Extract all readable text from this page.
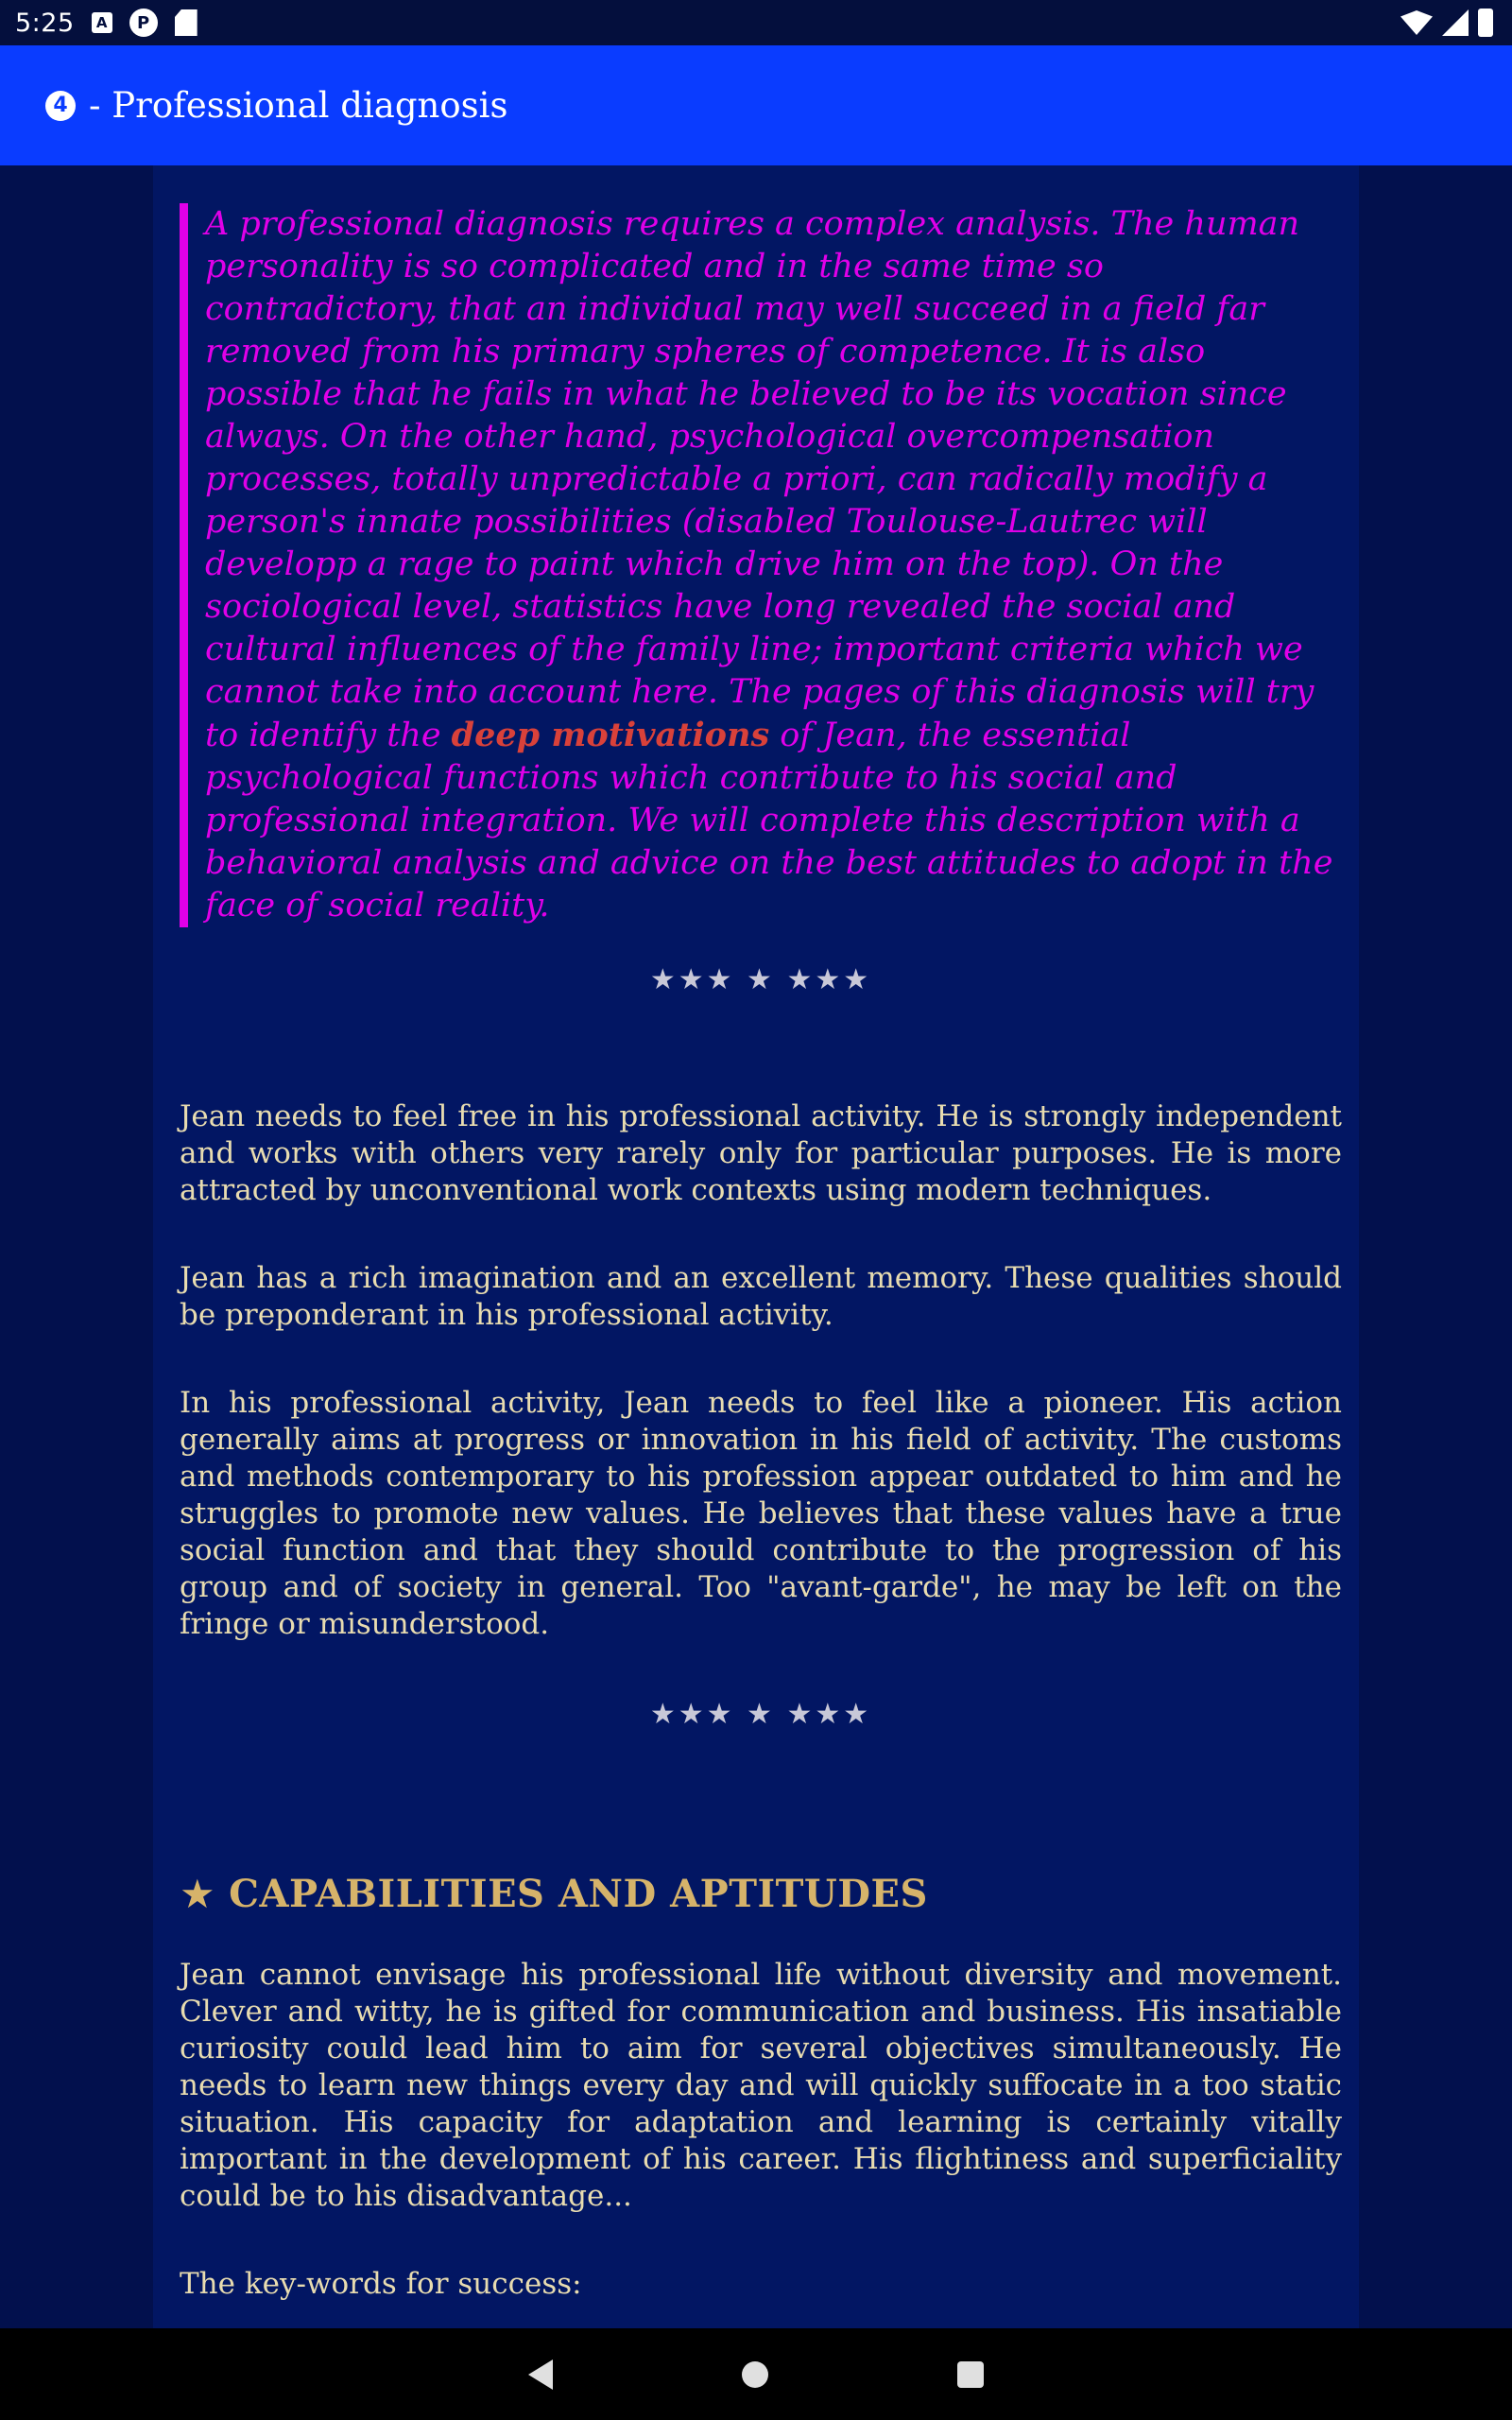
5:25	A	P
4 - Professional diagnosis
A professional diagnosis requires a complex analysis. The human personality is so complicated and in the same time so contradictory, that an individual may well succeed in a field far removed from his primary spheres of competence. It is also possible that he fails in what he believed to be its vocation since always. On the other hand, psychological overcompensation processes, totally unpredictable a priori, can radically modify a person's innate possibilities (disabled Toulouse-Lautrec will developp a rage to paint which drive him on the top). On the sociological level, statistics have long revealed the social and cultural influences of the family line; important criteria which we cannot take into account here. The pages of this diagnosis will try to identify the deep motivations of Jean, the essential psychological functions which contribute to his social and professional integration. We will complete this description with a behavioral analysis and advice on the best attitudes to adopt in the face of social reality.
★★★ ★ ★★★

Jean needs to feel free in his professional activity. He is strongly independent and works with others very rarely only for particular purposes. He is more attracted by unconventional work contexts using modern techniques.

Jean has a rich imagination and an excellent memory. These qualities should be preponderant in his professional activity.

In his professional activity, Jean needs to feel like a pioneer. His action generally aims at progress or innovation in his field of activity. The customs and methods contemporary to his profession appear outdated to him and he struggles to promote new values. He believes that these values have a true social function and that they should contribute to the progression of his group and of society in general. Too "avant-garde", he may be left on the fringe or misunderstood.

★★★ ★ ★★★
★ CAPABILITIES AND APTITUDES

Jean cannot envisage his professional life without diversity and movement. Clever and witty, he is gifted for communication and business. His insatiable curiosity could lead him to aim for several objectives simultaneously. He needs to learn new things every day and will quickly suffocate in a too static situation. His capacity for adaptation and learning is certainly vitally important in the development of his career. His flightiness and superficiality could be to his disadvantage...

The key-words for success:
